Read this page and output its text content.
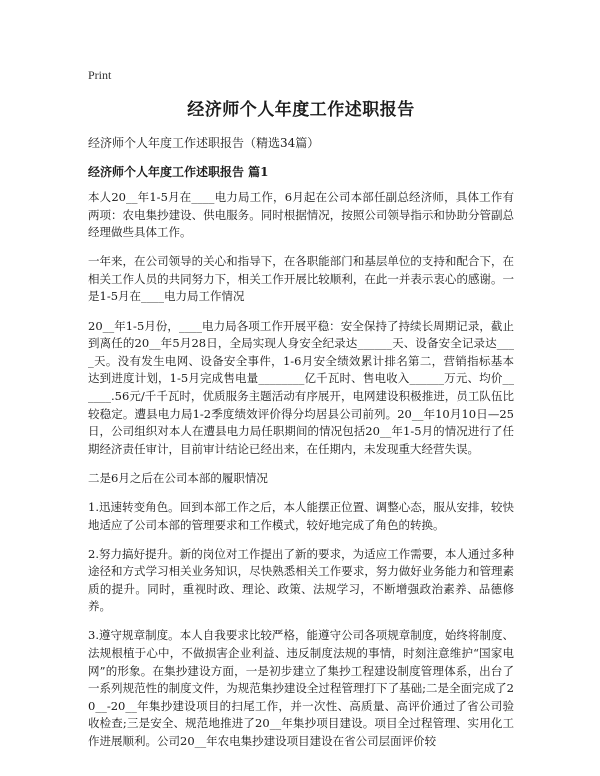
Print
经济师个人年度工作述职报告
经济师个人年度工作述职报告（精选34篇）
经济师个人年度工作述职报告 篇1

本人20__年1-5月在____电力局工作，6月起在公司本部任副总经济师，具体工作有两项：农电集抄建设、供电服务。同时根据情况，按照公司领导指示和协助分管副总经理做些具体工作。

一年来，在公司领导的关心和指导下，在各职能部门和基层单位的支持和配合下，在相关工作人员的共同努力下，相关工作开展比较顺利，在此一并表示衷心的感谢。一是1-5月在____电力局工作情况

20__年1-5月份，____电力局各项工作开展平稳：安全保持了持续长周期记录，截止到离任的20__年5月28日，全局实现人身安全纪录达______天、设备安全记录达____天。没有发生电网、设备安全事件，1-6月安全绩效累计排名第二，营销指标基本达到进度计划，1-5月完成售电量________亿千瓦时、售电收入______万元、均价______.56元/千千瓦时，优质服务主题活动有序展开，电网建设积极推进，员工队伍比较稳定。遭县电力局1-2季度绩效评价得分均居县公司前列。20__年10月10日—25日，公司组织对本人在遭县电力局任职期间的情况包括20__年1-5月的情况进行了任期经济责任审计，目前审计结论已经出来，在任期内，未发现重大经营失误。

二是6月之后在公司本部的履职情况

1.迅速转变角色。回到本部工作之后，本人能摆正位置、调整心态，服从安排，较快地适应了公司本部的管理要求和工作模式，较好地完成了角色的转换。

2.努力搞好提升。新的岗位对工作提出了新的要求，为适应工作需要，本人通过多种途径和方式学习相关业务知识，尽快熟悉相关工作要求，努力做好业务能力和管理素质的提升。同时，重视时政、理论、政策、法规学习，不断增强政治素养、品德修养。

3.遵守规章制度。本人自我要求比较严格，能遵守公司各项规章制度，始终将制度、法规根植于心中，不做损害企业利益、违反制度法规的事情，时刻注意维护“国家电网”的形象。在集抄建设方面，一是初步建立了集抄工程建设制度管理体系，出台了一系列规范性的制度文件，为规范集抄建设全过程管理打下了基础;二是全面完成了20__-20__年集抄建设项目的扫尾工作，并一次性、高质量、高评价通过了省公司验收检查;三是安全、规范地推进了20__年集抄项目建设。项目全过程管理、实用化工作进展顺利。公司20__年农电集抄建设项目建设在省公司层面评价较
